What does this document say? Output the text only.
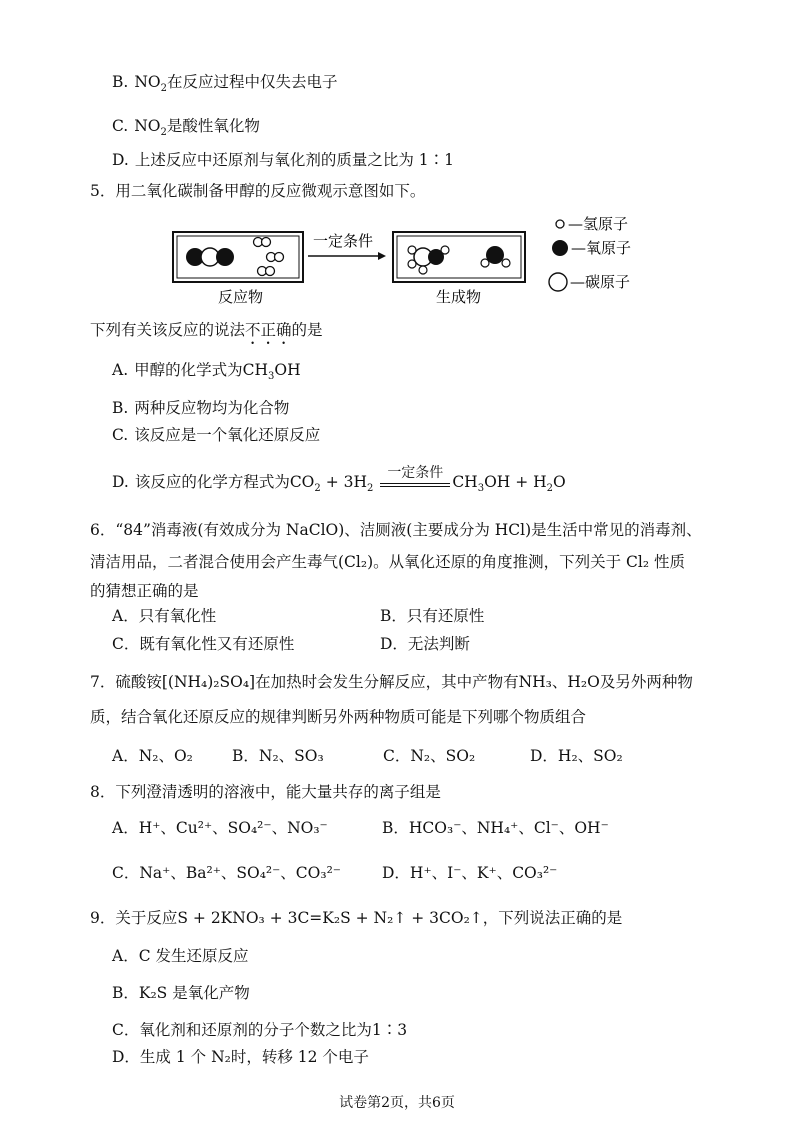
B. $NO_2$在反应过程中仅失去电子
C. $NO_2$是酸性氧化物
D. 上述反应中还原剂与氧化剂的质量之比为 1∶1
5．用二氧化碳制备甲醇的反应微观示意图如下。
一定条件
反应物	生成物
—氢原子
—氧原子
—碳原子
下列有关该反应的说法不正确的是
A. 甲醇的化学式为$CH_3OH$
B. 两种反应物均为化合物
C. 该反应是一个氧化还原反应
D. 该反应的化学方程式为$CO_2 + 3H_2$
一定条件 $CH_3OH + H_2O$
6．“84”消毒液(有效成分为 NaClO)、洁厕液(主要成分为 HCl)是生活中常见的消毒剂、
清洁用品，二者混合使用会产生毒气(Cl₂)。从氧化还原的角度推测，下列关于 Cl₂ 性质
的猜想正确的是
A．只有氧化性	B．只有还原性
C．既有氧化性又有还原性	D．无法判断
7．硫酸铵[(NH₄)₂SO₄]在加热时会发生分解反应，其中产物有NH₃、H₂O及另外两种物
质，结合氧化还原反应的规律判断另外两种物质可能是下列哪个物质组合
A．N₂、O₂	B．N₂、SO₃	C．N₂、SO₂	D．H₂、SO₂
8．下列澄清透明的溶液中，能大量共存的离子组是
A．H⁺、Cu²⁺、SO₄²⁻、NO₃⁻	B．HCO₃⁻、NH₄⁺、Cl⁻、OH⁻
C．Na⁺、Ba²⁺、SO₄²⁻、CO₃²⁻	D．H⁺、I⁻、K⁺、CO₃²⁻
9．关于反应S + 2KNO₃ + 3C=K₂S + N₂↑ + 3CO₂↑，下列说法正确的是
A．C 发生还原反应
B．K₂S 是氧化产物
C．氧化剂和还原剂的分子个数之比为1∶3
D．生成 1 个 N₂时，转移 12 个电子
试卷第2页，共6页
